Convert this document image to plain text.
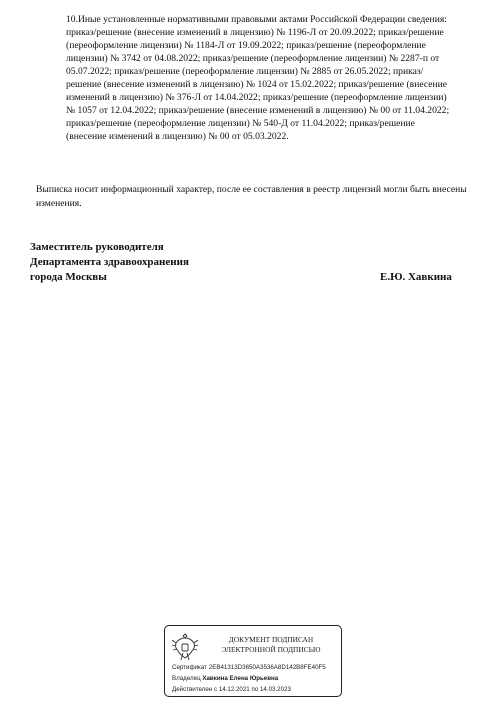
10. Иные установленные нормативными правовыми актами Российской Федерации сведения: приказ/решение (внесение изменений в лицензию) № 1196-Л от 20.09.2022; приказ/решение (переоформление лицензии) № 1184-Л от 19.09.2022; приказ/решение (переоформление лицензии) № 3742 от 04.08.2022; приказ/решение (переоформление лицензии) № 2287-п от 05.07.2022; приказ/решение (переоформление лицензии) № 2885 от 26.05.2022; приказ/решение (внесение изменений в лицензию) № 1024 от 15.02.2022; приказ/решение (внесение изменений в лицензию) № 376-Л от 14.04.2022; приказ/решение (переоформление лицензии) № 1057 от 12.04.2022; приказ/решение (внесение изменений в лицензию) № 00 от 11.04.2022; приказ/решение (переоформление лицензии) № 540-Д от 11.04.2022; приказ/решение (внесение изменений в лицензию) № 00 от 05.03.2022.
Выписка носит информационный характер, после ее составления в реестр лицензий могли быть внесены изменения.
Заместитель руководителя
Департамента здравоохранения
города Москвы	Е.Ю. Хавкина
ДОКУМЕНТ ПОДПИСАН
ЭЛЕКТРОННОЙ ПОДПИСЬЮ
Сертификат 2EB41313D3650A3536A8D142B8FE40F5
Владелец Хавкина Елена Юрьевна
Действителен с 14.12.2021 по 14.03.2023
